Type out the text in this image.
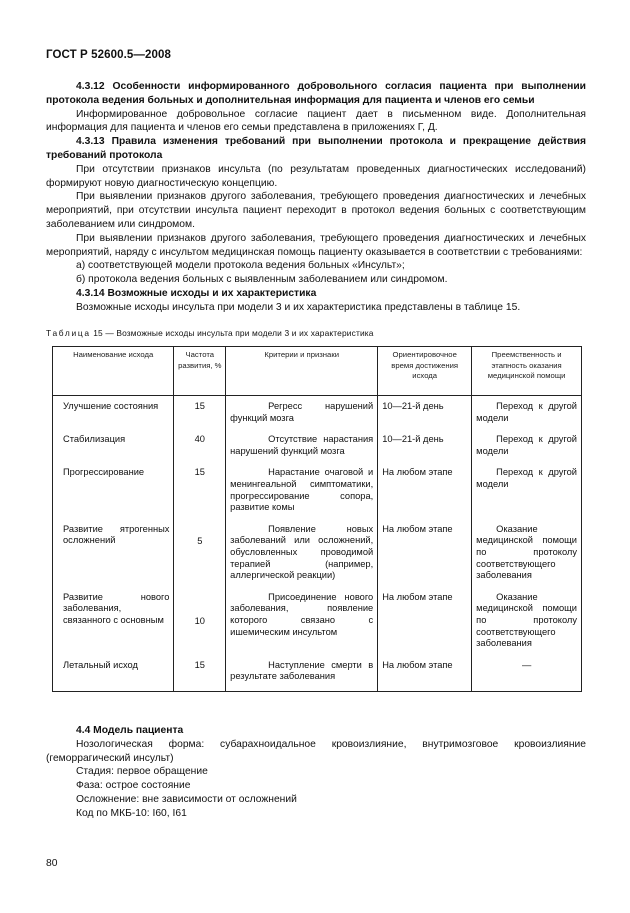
ГОСТ Р 52600.5—2008

4.3.12 Особенности информированного добровольного согласия пациента при выполнении протокола ведения больных и дополнительная информация для пациента и членов его семьи

Информированное добровольное согласие пациент дает в письменном виде. Дополнительная информация для пациента и членов его семьи представлена в приложениях Г, Д.

4.3.13 Правила изменения требований при выполнении протокола и прекращение действия требований протокола

При отсутствии признаков инсульта (по результатам проведенных диагностических исследований) формируют новую диагностическую концепцию.

При выявлении признаков другого заболевания, требующего проведения диагностических и лечебных мероприятий, при отсутствии инсульта пациент переходит в протокол ведения больных с соответствующим заболеванием или синдромом.

При выявлении признаков другого заболевания, требующего проведения диагностических и лечебных мероприятий, наряду с инсультом медицинская помощь пациенту оказывается в соответствии с требованиями:

а) соответствующей модели протокола ведения больных «Инсульт»;

б) протокола ведения больных с выявленным заболеванием или синдромом.

4.3.14 Возможные исходы и их характеристика

Возможные исходы инсульта при модели 3 и их характеристика представлены в таблице 15.

Таблица 15 — Возможные исходы инсульта при модели 3 и их характеристика
Наименование исхода	Частота развития, %	Критерии и признаки	Ориентировочное время достижения исхода	Преемственность и этапность оказания медицинской помощи
Улучшение состояния	15	Регресс нарушений функций мозга	10—21-й день	Переход к другой модели
Стабилизация	40	Отсутствие нарастания нарушений функций мозга	10—21-й день	Переход к другой модели
Прогрессирование	15	Нарастание очаговой и менингеальной симптоматики, прогрессирование сопора, развитие комы	На любом этапе	Переход к другой модели
Развитие ятрогенных осложнений	5	Появление новых заболеваний или осложнений, обусловленных проводимой терапией (например, аллергической реакции)	На любом этапе	Оказание медицинской помощи по протоколу соответствующего заболевания
Развитие нового заболевания, связанного с основным	10	Присоединение нового заболевания, появление которого связано с ишемическим инсультом	На любом этапе	Оказание медицинской помощи по протоколу соответствующего заболевания
Летальный исход	15	Наступление смерти в результате заболевания	На любом этапе	—

4.4 Модель пациента

Нозологическая форма: субарахноидальное кровоизлияние, внутримозговое кровоизлияние (геморрагический инсульт)

Стадия: первое обращение

Фаза: острое состояние

Осложнение: вне зависимости от осложнений

Код по МКБ-10: I60, I61

80
